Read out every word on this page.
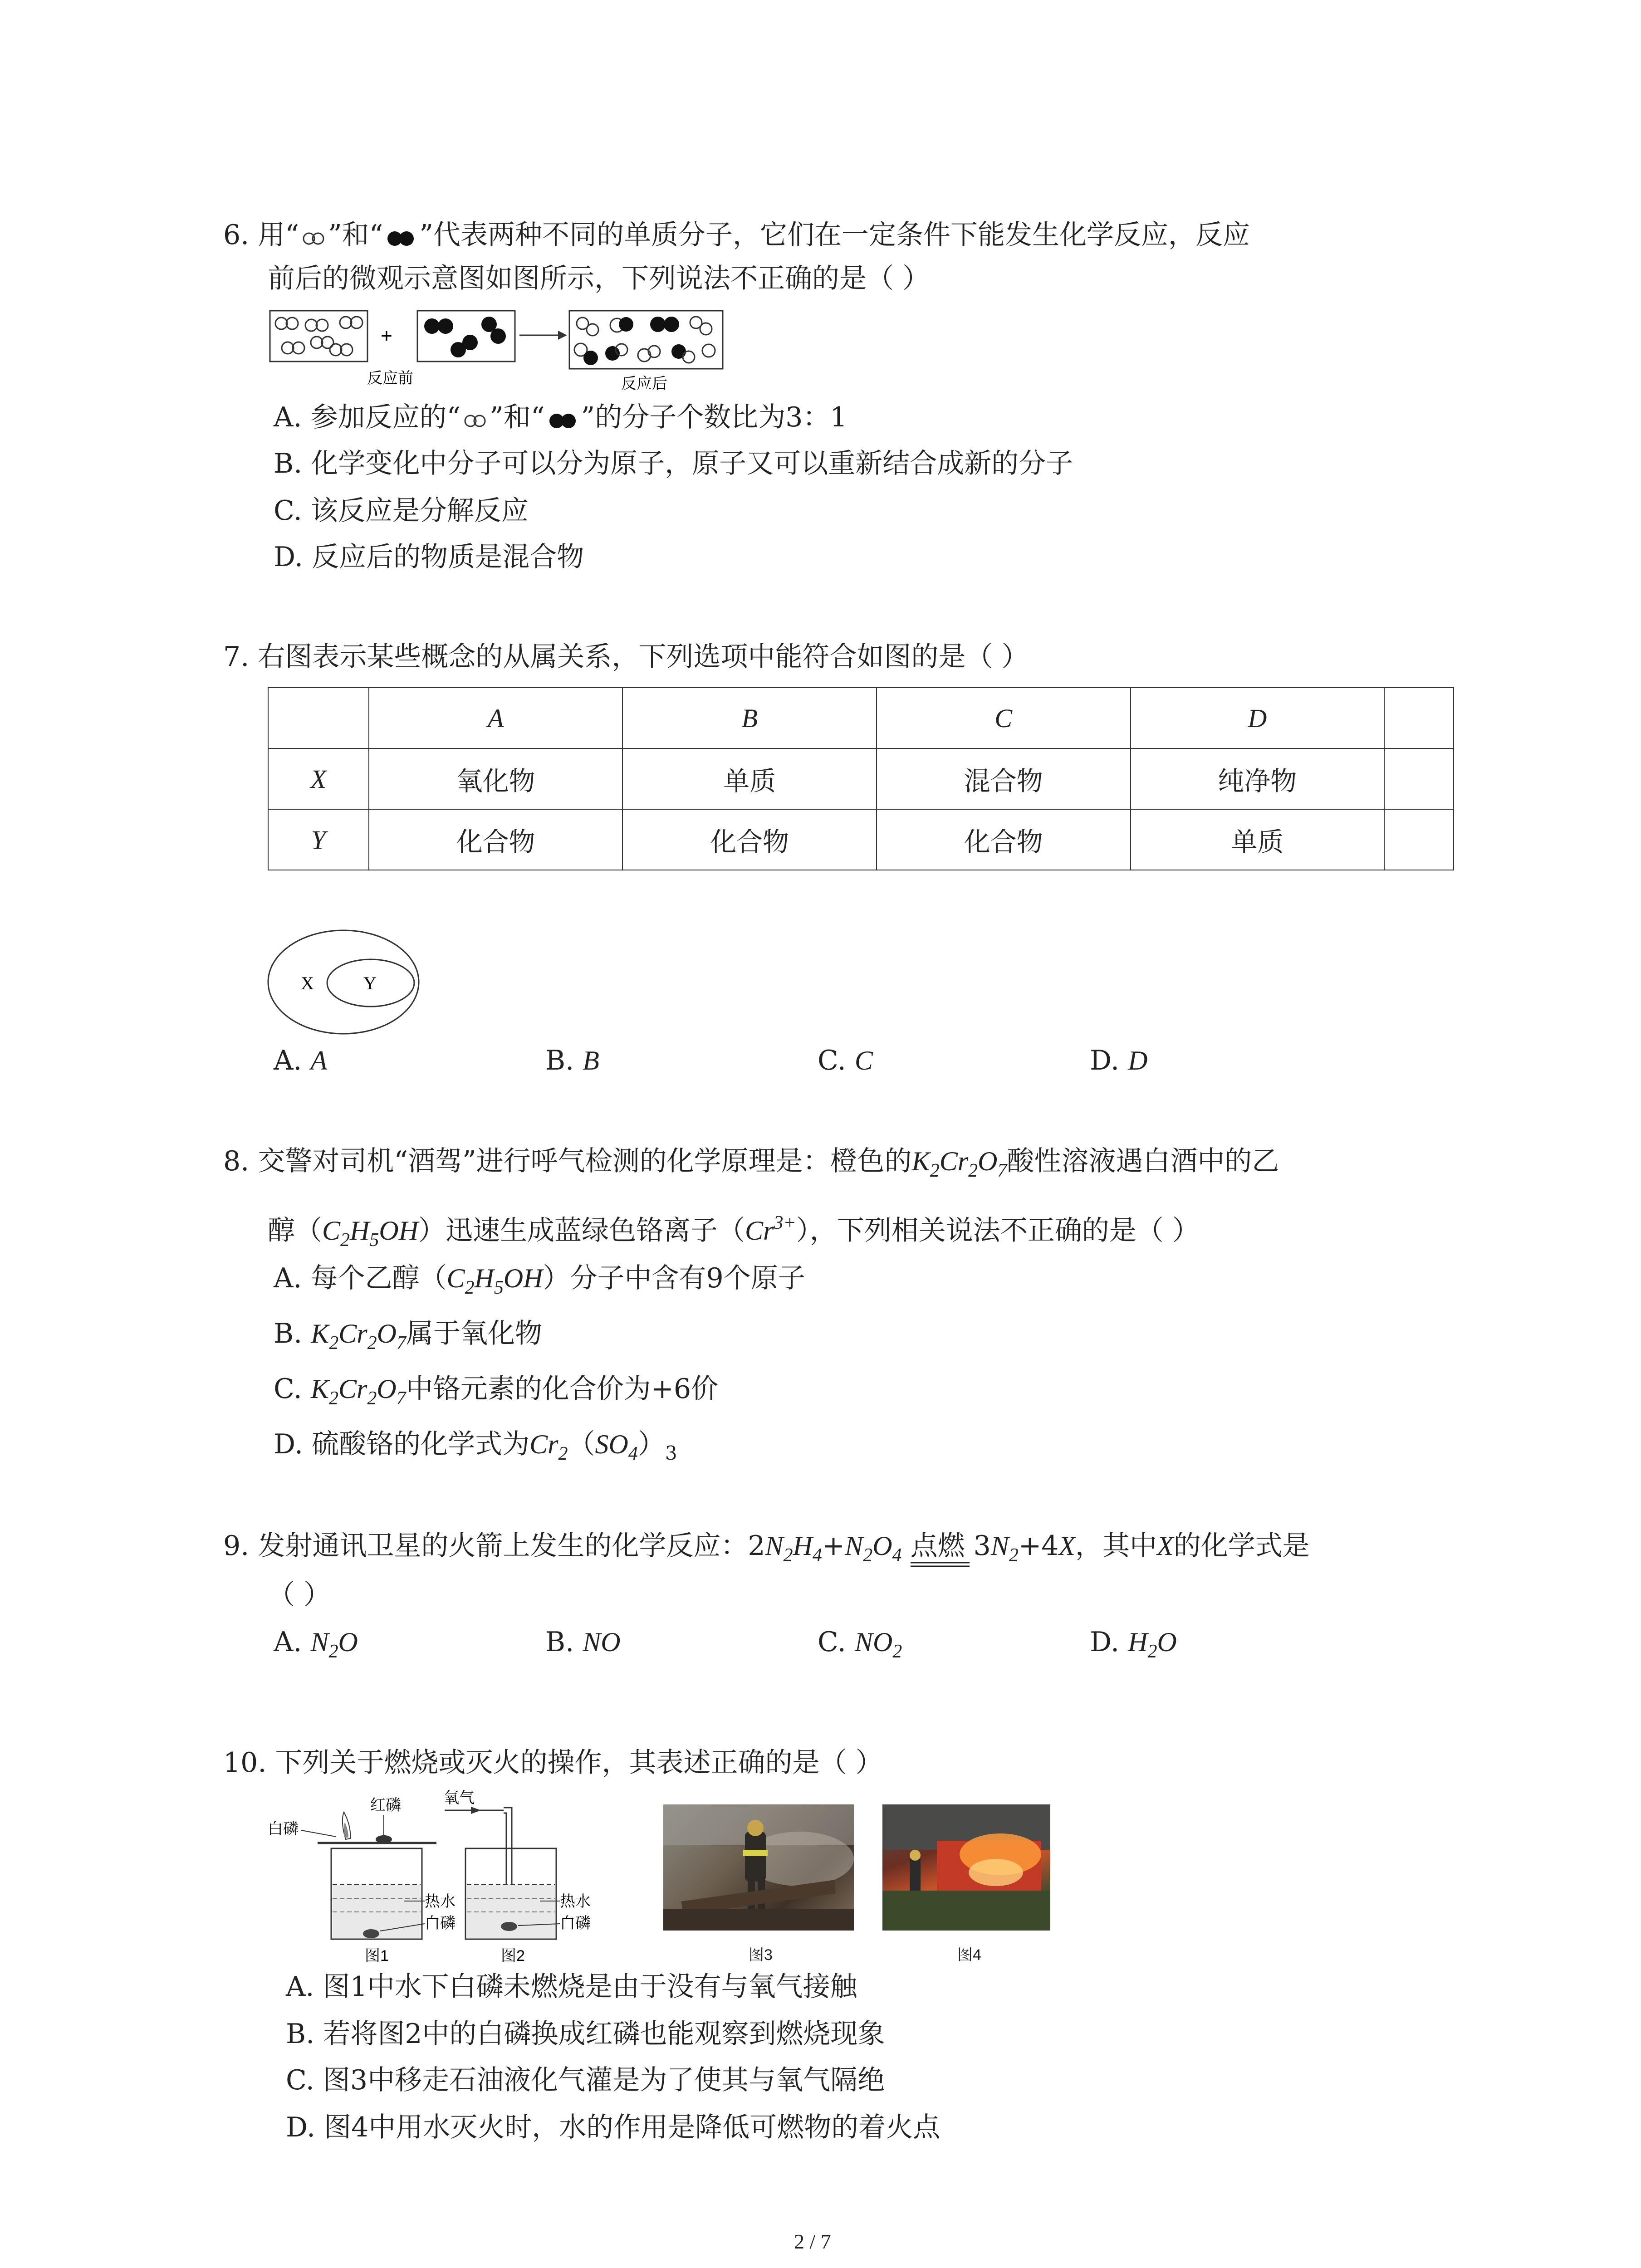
6. 用“ ”和“ ”代表两种不同的单质分子，它们在一定条件下能发生化学反应，反应
前后的微观示意图如图所示，下列说法不正确的是（ ）
+
反应前	反应后
A. 参加反应的“ ”和“ ”的分子个数比为3：1
B. 化学变化中分子可以分为原子，原子又可以重新结合成新的分子
C. 该反应是分解反应
D. 反应后的物质是混合物
7. 右图表示某些概念的从属关系，下列选项中能符合如图的是（ ）
	A	B	C	D	
X	氧化物	单质	混合物	纯净物	
Y	化合物	化合物	化合物	单质	
X	Y
A. A	B. B	C. C	D. D
8. 交警对司机“酒驾”进行呼气检测的化学原理是：橙色的$K_2Cr_2O_7$酸性溶液遇白酒中的乙
醇$(C_2H_5OH)$迅速生成蓝绿色铬离子$(Cr^{3+})$，下列相关说法不正确的是（ ）
A. 每个乙醇$(C_2H_5OH)$分子中含有9个原子
B. $K_2Cr_2O_7$属于氧化物
C. $K_2Cr_2O_7$中铬元素的化合价为+6价
D. 硫酸铬的化学式为$Cr_2(SO_4)_3$
9. 发射通讯卫星的火箭上发生的化学反应：$2N_2H_4+N_2O_4$ 点燃
$3N_2+4X$，其中X的化学式是
（ ）
A. $N_2O$	B. NO	C. $NO_2$	D. $H_2O$
10. 下列关于燃烧或灭火的操作，其表述正确的是（ ）
红磷
白磷
热水
白磷
图1
氧气
热水
白磷
图2	图3	图4
A. 图1中水下白磷未燃烧是由于没有与氧气接触
B. 若将图2中的白磷换成红磷也能观察到燃烧现象
C. 图3中移走石油液化气灌是为了使其与氧气隔绝
D. 图4中用水灭火时，水的作用是降低可燃物的着火点
2 / 7
